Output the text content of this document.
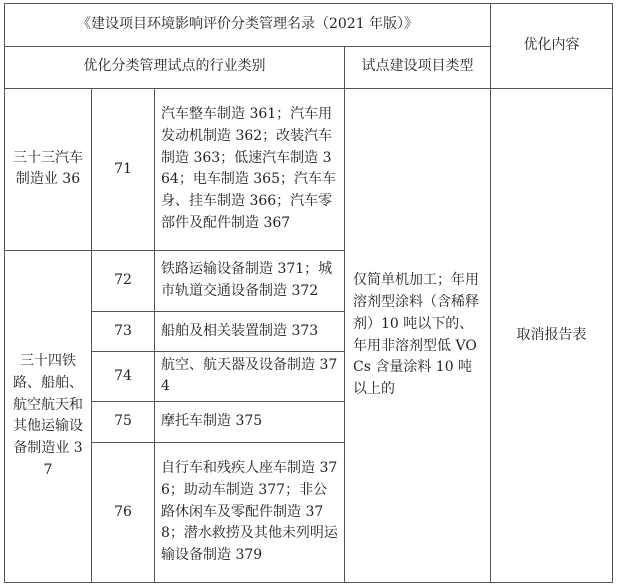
《建设项目环境影响评价分类管理名录（2021 年版）》				优化内容
优化分类管理试点的行业类别			试点建设项目类型	
三十三汽车制造业 36	71	汽车整车制造 361；汽车用发动机制造 362；改装汽车制造 363；低速汽车制造 364；电车制造 365；汽车车身、挂车制造 366；汽车零部件及配件制造 367	仅简单机加工；年用溶剂型涂料（含稀释剂）10 吨以下的、年用非溶剂型低 VOCs 含量涂料 10 吨以上的	取消报告表
三十四铁路、船舶、航空航天和其他运输设备制造业 37	72	铁路运输设备制造 371；城市轨道交通设备制造 372		
	73	船舶及相关装置制造 373		
	74	航空、航天器及设备制造 374		
	75	摩托车制造 375		
	76	自行车和残疾人座车制造 376；助动车制造 377；非公路休闲车及零配件制造 378；潜水救捞及其他未列明运输设备制造 379		
